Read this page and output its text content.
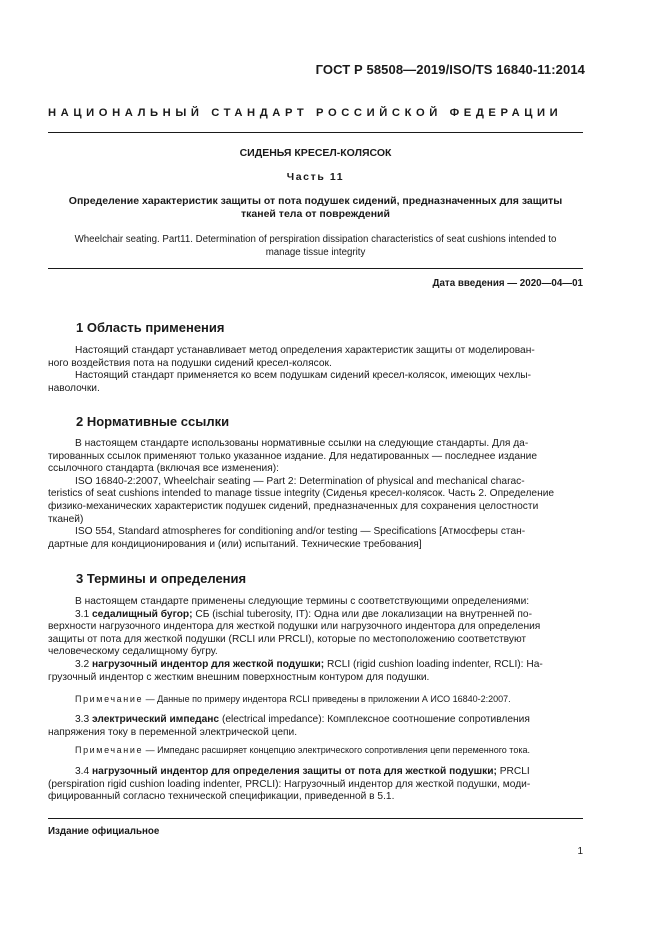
ГОСТ Р 58508—2019/ISO/TS 16840-11:2014
НАЦИОНАЛЬНЫЙ СТАНДАРТ РОССИЙСКОЙ ФЕДЕРАЦИИ
СИДЕНЬЯ КРЕСЕЛ-КОЛЯСОК
Часть 11
Определение характеристик защиты от пота подушек сидений, предназначенных для защиты
тканей тела от повреждений
Wheelchair seating. Part11. Determination of perspiration dissipation characteristics of seat cushions intended to
manage tissue integrity
Дата введения — 2020—04—01
1 Область применения
Настоящий стандарт устанавливает метод определения характеристик защиты от моделирован-
ного воздействия пота на подушки сидений кресел-колясок.
Настоящий стандарт применяется ко всем подушкам сидений кресел-колясок, имеющих чехлы-
наволочки.
2 Нормативные ссылки
В настоящем стандарте использованы нормативные ссылки на следующие стандарты. Для да-
тированных ссылок применяют только указанное издание. Для недатированных — последнее издание
ссылочного стандарта (включая все изменения):
ISO 16840-2:2007, Wheelchair seating — Part 2: Determination of physical and mechanical charac-
teristics of seat cushions intended to manage tissue integrity (Сиденья кресел-колясок. Часть 2. Определение
физико-механических характеристик подушек сидений, предназначенных для сохранения целостности
тканей)
ISO 554, Standard atmospheres for conditioning and/or testing — Specifications [Атмосферы стан-
дартные для кондиционирования и (или) испытаний. Технические требования]
3 Термины и определения
В настоящем стандарте применены следующие термины с соответствующими определениями:
3.1 седалищный бугор; СБ (ischial tuberosity, IT): Одна или две локализации на внутренней по-
верхности нагрузочного индентора для жесткой подушки или нагрузочного индентора для определения
защиты от пота для жесткой подушки (RCLI или PRCLI), которые по местоположению соответствуют
человеческому седалищному бугру.
3.2 нагрузочный индентор для жесткой подушки; RCLI (rigid cushion loading indenter, RCLI): На-
грузочный индентор с жестким внешним поверхностным контуром для подушки.
Примечание — Данные по примеру индентора RCLI приведены в приложении А ИСО 16840-2:2007.
3.3 электрический импеданс (electrical impedance): Комплексное соотношение сопротивления
напряжения току в переменной электрической цепи.
Примечание — Импеданс расширяет концепцию электрического сопротивления цепи переменного тока.
3.4 нагрузочный индентор для определения защиты от пота для жесткой подушки; PRCLI
(perspiration rigid cushion loading indenter, PRCLI): Нагрузочный индентор для жесткой подушки, моди-
фицированный согласно технической спецификации, приведенной в 5.1.
Издание официальное
1
